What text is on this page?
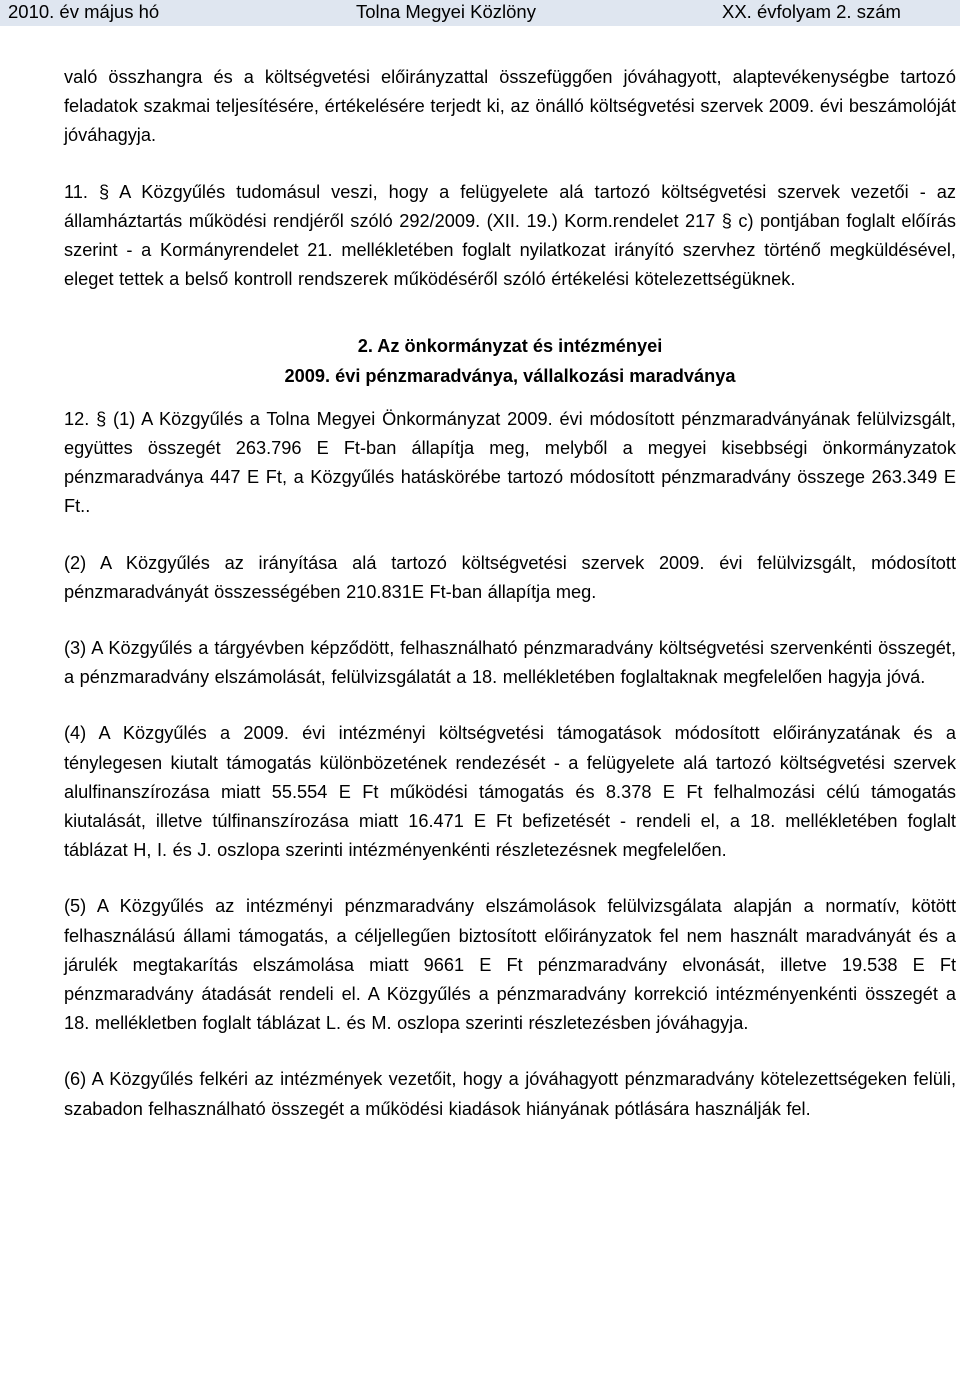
2010. év május hó	Tolna Megyei Közlöny	XX. évfolyam 2. szám

való összhangra és a költségvetési előirányzattal összefüggően jóváhagyott, alaptevékenységbe tartozó feladatok szakmai teljesítésére, értékelésére terjedt ki, az önálló költségvetési szervek 2009. évi beszámolóját jóváhagyja.

11. § A Közgyűlés tudomásul veszi, hogy a felügyelete alá tartozó költségvetési szervek vezetői - az államháztartás működési rendjéről szóló 292/2009. (XII. 19.) Korm.rendelet 217 § c) pontjában foglalt előírás szerint - a Kormányrendelet 21. mellékletében foglalt nyilatkozat irányító szervhez történő megküldésével, eleget tettek a belső kontroll rendszerek működéséről szóló értékelési kötelezettségüknek.

2. Az önkormányzat és intézményei

2009. évi pénzmaradványa, vállalkozási maradványa

12. § (1) A Közgyűlés a Tolna Megyei Önkormányzat 2009. évi módosított pénzmaradványának felülvizsgált, együttes összegét 263.796 E Ft-ban állapítja meg, melyből a megyei kisebbségi önkormányzatok pénzmaradványa 447 E Ft, a Közgyűlés hatáskörébe tartozó módosított pénzmaradvány összege 263.349 E Ft..

(2) A Közgyűlés az irányítása alá tartozó költségvetési szervek 2009. évi felülvizsgált, módosított pénzmaradványát összességében 210.831E Ft-ban állapítja meg.

(3) A Közgyűlés a tárgyévben képződött, felhasználható pénzmaradvány költségvetési szervenkénti összegét, a pénzmaradvány elszámolását, felülvizsgálatát a 18. mellékletében foglaltaknak megfelelően hagyja jóvá.

(4) A Közgyűlés a 2009. évi intézményi költségvetési támogatások módosított előirányzatának és a ténylegesen kiutalt támogatás különbözetének rendezését - a felügyelete alá tartozó költségvetési szervek alulfinanszírozása miatt 55.554 E Ft működési támogatás és 8.378 E Ft felhalmozási célú támogatás kiutalását, illetve túlfinanszírozása miatt 16.471 E Ft befizetését - rendeli el, a 18. mellékletében foglalt táblázat H, I. és J. oszlopa szerinti intézményenkénti részletezésnek megfelelően.

(5) A Közgyűlés az intézményi pénzmaradvány elszámolások felülvizsgálata alapján a normatív, kötött felhasználású állami támogatás, a céljellegűen biztosított előirányzatok fel nem használt maradványát és a járulék megtakarítás elszámolása miatt 9661 E Ft pénzmaradvány elvonását, illetve 19.538 E Ft pénzmaradvány átadását rendeli el. A Közgyűlés a pénzmaradvány korrekció intézményenkénti összegét a 18. mellékletben foglalt táblázat L. és M. oszlopa szerinti részletezésben jóváhagyja.

(6) A Közgyűlés felkéri az intézmények vezetőit, hogy a jóváhagyott pénzmaradvány kötelezettségeken felüli, szabadon felhasználható összegét a működési kiadások hiányának pótlására használják fel.
